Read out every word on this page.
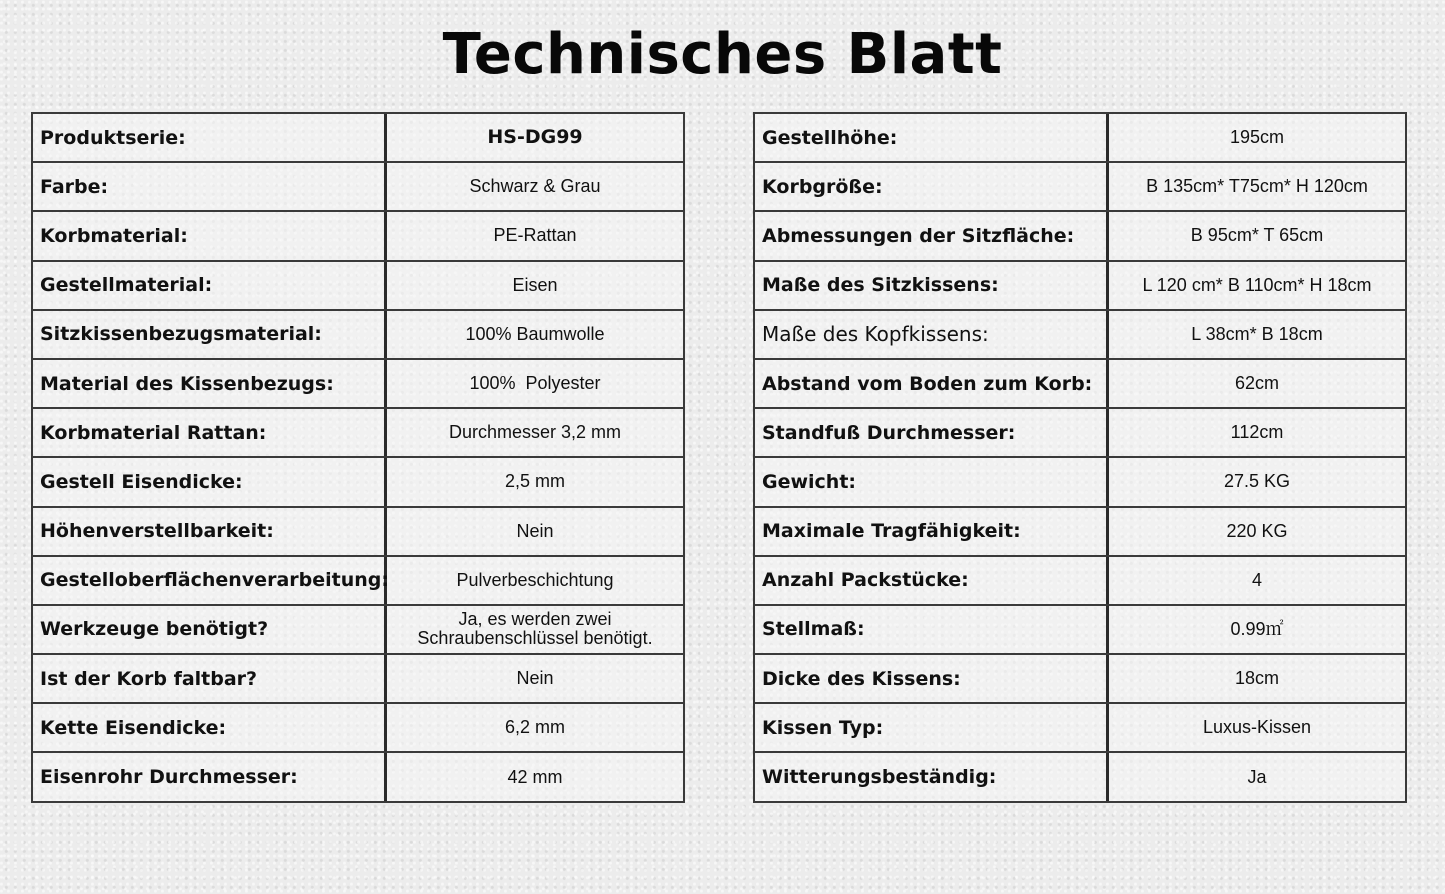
Technisches Blatt
Produktserie:	HS-DG99
Farbe:	Schwarz & Grau
Korbmaterial:	PE-Rattan
Gestellmaterial:	Eisen
Sitzkissenbezugsmaterial:	100% Baumwolle
Material des Kissenbezugs:	100%  Polyester
Korbmaterial Rattan:	Durchmesser 3,2 mm
Gestell Eisendicke:	2,5 mm
Höhenverstellbarkeit:	Nein
Gestelloberflächenverarbeitung:	Pulverbeschichtung
Werkzeuge benötigt?	Ja, es werden zwei
Schraubenschlüssel benötigt.
Ist der Korb faltbar?	Nein
Kette Eisendicke:	6,2 mm
Eisenrohr Durchmesser:	42 mm
Gestellhöhe:	195cm
Korbgröße:	B 135cm* T75cm* H 120cm
Abmessungen der Sitzfläche:	B 95cm* T 65cm
Maße des Sitzkissens:	L 120 cm* B 110cm* H 18cm
Maße des Kopfkissens:	L 38cm* B 18cm
Abstand vom Boden zum Korb:	62cm
Standfuß Durchmesser:	112cm
Gewicht:	27.5 KG
Maximale Tragfähigkeit:	220 KG
Anzahl Packstücke:	4
Stellmaß:	0.99㎡
Dicke des Kissens:	18cm
Kissen Typ:	Luxus-Kissen
Witterungsbeständig:	Ja
